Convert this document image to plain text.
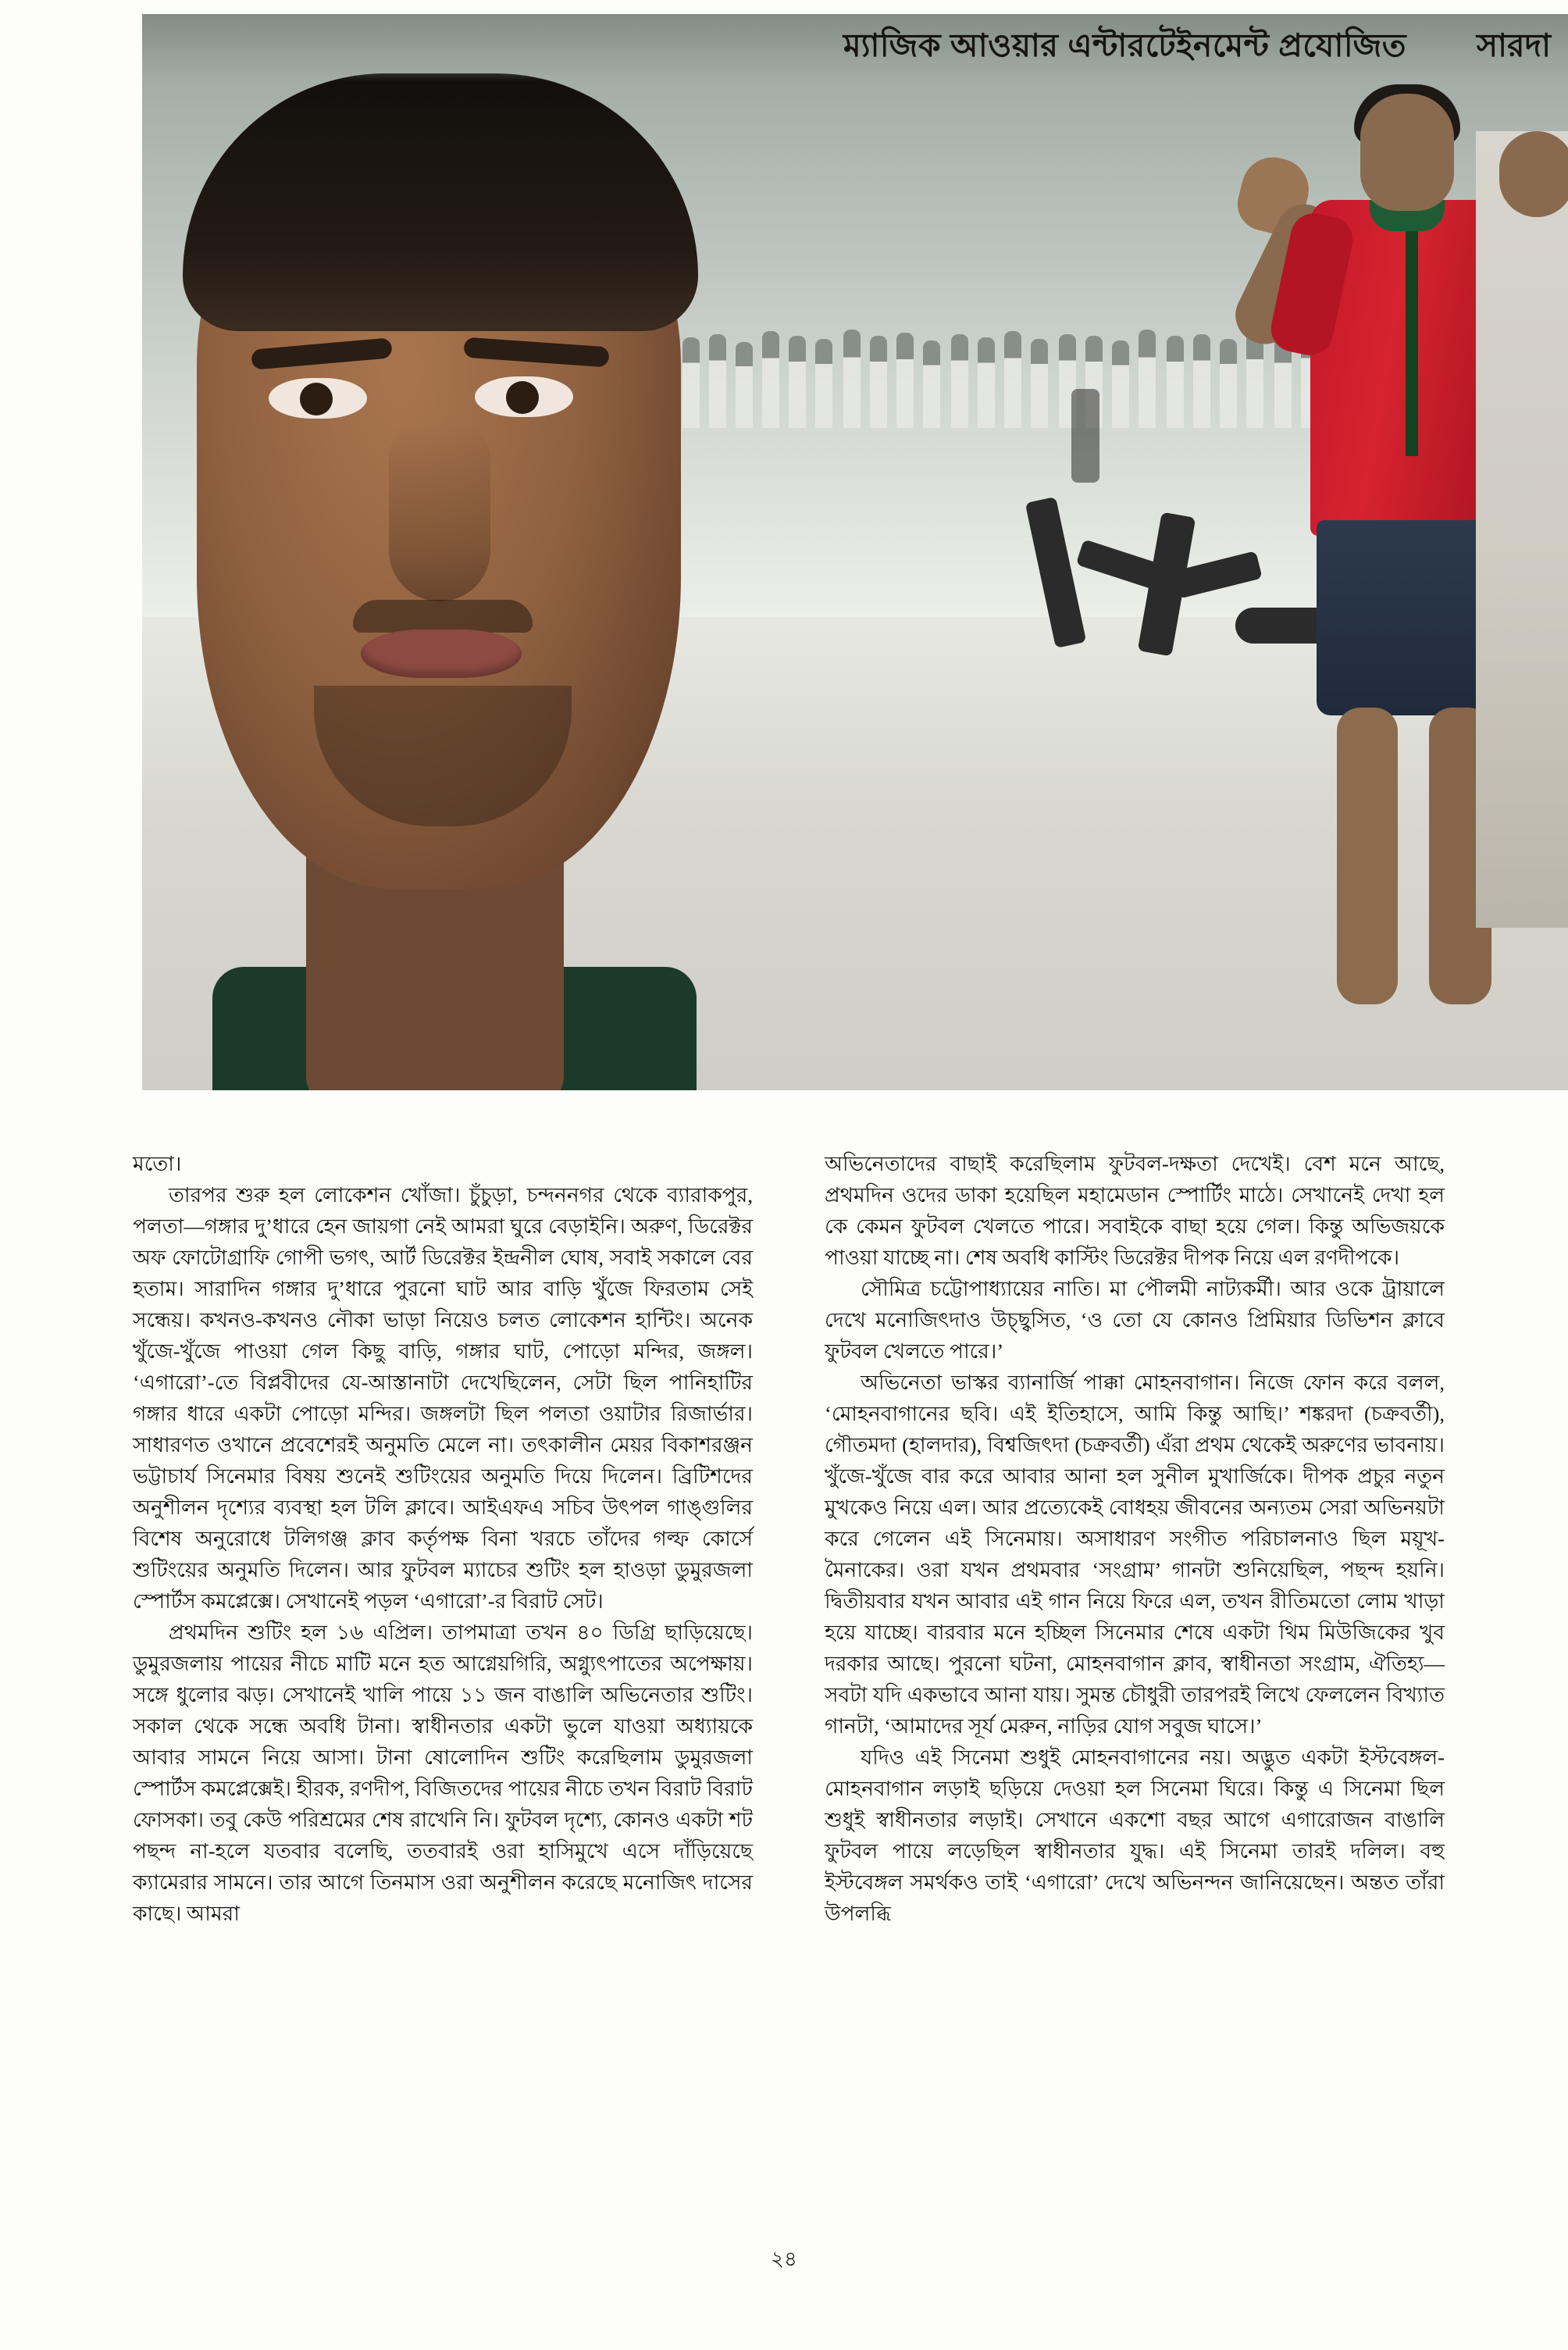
ম্যাজিক আওয়ার এন্টারটেইনমেন্ট প্রযোজিত সারদা

মতো।

তারপর শুরু হল লোকেশন খোঁজা। চুঁচুড়া, চন্দননগর থেকে ব্যারাকপুর, পলতা—গঙ্গার দু’ধারে হেন জায়গা নেই আমরা ঘুরে বেড়াইনি। অরুণ, ডিরেক্টর অফ ফোটোগ্রাফি গোপী ভগৎ, আর্ট ডিরেক্টর ইন্দ্রনীল ঘোষ, সবাই সকালে বের হতাম। সারাদিন গঙ্গার দু’ধারে পুরনো ঘাট আর বাড়ি খুঁজে ফিরতাম সেই সন্ধেয়। কখনও-কখনও নৌকা ভাড়া নিয়েও চলত লোকেশন হান্টিং। অনেক খুঁজে-খুঁজে পাওয়া গেল কিছু বাড়ি, গঙ্গার ঘাট, পোড়ো মন্দির, জঙ্গল। ‘এগারো’-তে বিপ্লবীদের যে-আস্তানাটা দেখেছিলেন, সেটা ছিল পানিহাটির গঙ্গার ধারে একটা পোড়ো মন্দির। জঙ্গলটা ছিল পলতা ওয়াটার রিজার্ভার। সাধারণত ওখানে প্রবেশেরই অনুমতি মেলে না। তৎকালীন মেয়র বিকাশরঞ্জন ভট্টাচার্য সিনেমার বিষয় শুনেই শুটিংয়ের অনুমতি দিয়ে দিলেন। ব্রিটিশদের অনুশীলন দৃশ্যের ব্যবস্থা হল টলি ক্লাবে। আইএফএ সচিব উৎপল গাঙ্গুলির বিশেষ অনুরোধে টলিগঞ্জ ক্লাব কর্তৃপক্ষ বিনা খরচে তাঁদের গল্ফ কোর্সে শুটিংয়ের অনুমতি দিলেন। আর ফুটবল ম্যাচের শুটিং হল হাওড়া ডুমুরজলা স্পোর্টস কমপ্লেক্সে। সেখানেই পড়ল ‘এগারো’-র বিরাট সেট।

প্রথমদিন শুটিং হল ১৬ এপ্রিল। তাপমাত্রা তখন ৪০ ডিগ্রি ছাড়িয়েছে। ডুমুরজলায় পায়ের নীচে মাটি মনে হত আগ্নেয়গিরি, অগ্ন্যুৎপাতের অপেক্ষায়। সঙ্গে ধুলোর ঝড়। সেখানেই খালি পায়ে ১১ জন বাঙালি অভিনেতার শুটিং। সকাল থেকে সন্ধে অবধি টানা। স্বাধীনতার একটা ভুলে যাওয়া অধ্যায়কে আবার সামনে নিয়ে আসা। টানা ষোলোদিন শুটিং করেছিলাম ডুমুরজলা স্পোর্টস কমপ্লেক্সেই। হীরক, রণদীপ, বিজিতদের পায়ের নীচে তখন বিরাট বিরাট ফোসকা। তবু কেউ পরিশ্রমের শেষ রাখেনি নি। ফুটবল দৃশ্যে, কোনও একটা শট পছন্দ না-হলে যতবার বলেছি, ততবারই ওরা হাসিমুখে এসে দাঁড়িয়েছে ক্যামেরার সামনে। তার আগে তিনমাস ওরা অনুশীলন করেছে মনোজিৎ দাসের কাছে। আমরা

অভিনেতাদের বাছাই করেছিলাম ফুটবল-দক্ষতা দেখেই। বেশ মনে আছে, প্রথমদিন ওদের ডাকা হয়েছিল মহামেডান স্পোর্টিং মাঠে। সেখানেই দেখা হল কে কেমন ফুটবল খেলতে পারে। সবাইকে বাছা হয়ে গেল। কিন্তু অভিজয়কে পাওয়া যাচ্ছে না। শেষ অবধি কাস্টিং ডিরেক্টর দীপক নিয়ে এল রণদীপকে।

সৌমিত্র চট্টোপাধ্যায়ের নাতি। মা পৌলমী নাট্যকর্মী। আর ওকে ট্রায়ালে দেখে মনোজিৎদাও উচ্ছ্বসিত, ‘ও তো যে কোনও প্রিমিয়ার ডিভিশন ক্লাবে ফুটবল খেলতে পারে।’

অভিনেতা ভাস্কর ব্যানার্জি পাক্কা মোহনবাগান। নিজে ফোন করে বলল, ‘মোহনবাগানের ছবি। এই ইতিহাসে, আমি কিন্তু আছি।’ শঙ্করদা (চক্রবর্তী), গৌতমদা (হালদার), বিশ্বজিৎদা (চক্রবর্তী) এঁরা প্রথম থেকেই অরুণের ভাবনায়। খুঁজে-খুঁজে বার করে আবার আনা হল সুনীল মুখার্জিকে। দীপক প্রচুর নতুন মুখকেও নিয়ে এল। আর প্রত্যেকেই বোধহয় জীবনের অন্যতম সেরা অভিনয়টা করে গেলেন এই সিনেমায়। অসাধারণ সংগীত পরিচালনাও ছিল ময়ূখ-মৈনাকের। ওরা যখন প্রথমবার ‘সংগ্রাম’ গানটা শুনিয়েছিল, পছন্দ হয়নি। দ্বিতীয়বার যখন আবার এই গান নিয়ে ফিরে এল, তখন রীতিমতো লোম খাড়া হয়ে যাচ্ছে। বারবার মনে হচ্ছিল সিনেমার শেষে একটা থিম মিউজিকের খুব দরকার আছে। পুরনো ঘটনা, মোহনবাগান ক্লাব, স্বাধীনতা সংগ্রাম, ঐতিহ্য—সবটা যদি একভাবে আনা যায়। সুমন্ত চৌধুরী তারপরই লিখে ফেললেন বিখ্যাত গানটা, ‘আমাদের সূর্য মেরুন, নাড়ির যোগ সবুজ ঘাসে।’

যদিও এই সিনেমা শুধুই মোহনবাগানের নয়। অদ্ভুত একটা ইস্টবেঙ্গল-মোহনবাগান লড়াই ছড়িয়ে দেওয়া হল সিনেমা ঘিরে। কিন্তু এ সিনেমা ছিল শুধুই স্বাধীনতার লড়াই। সেখানে একশো বছর আগে এগারোজন বাঙালি ফুটবল পায়ে লড়েছিল স্বাধীনতার যুদ্ধ। এই সিনেমা তারই দলিল। বহু ইস্টবেঙ্গল সমর্থকও তাই ‘এগারো’ দেখে অভিনন্দন জানিয়েছেন। অন্তত তাঁরা উপলব্ধি

২৪
